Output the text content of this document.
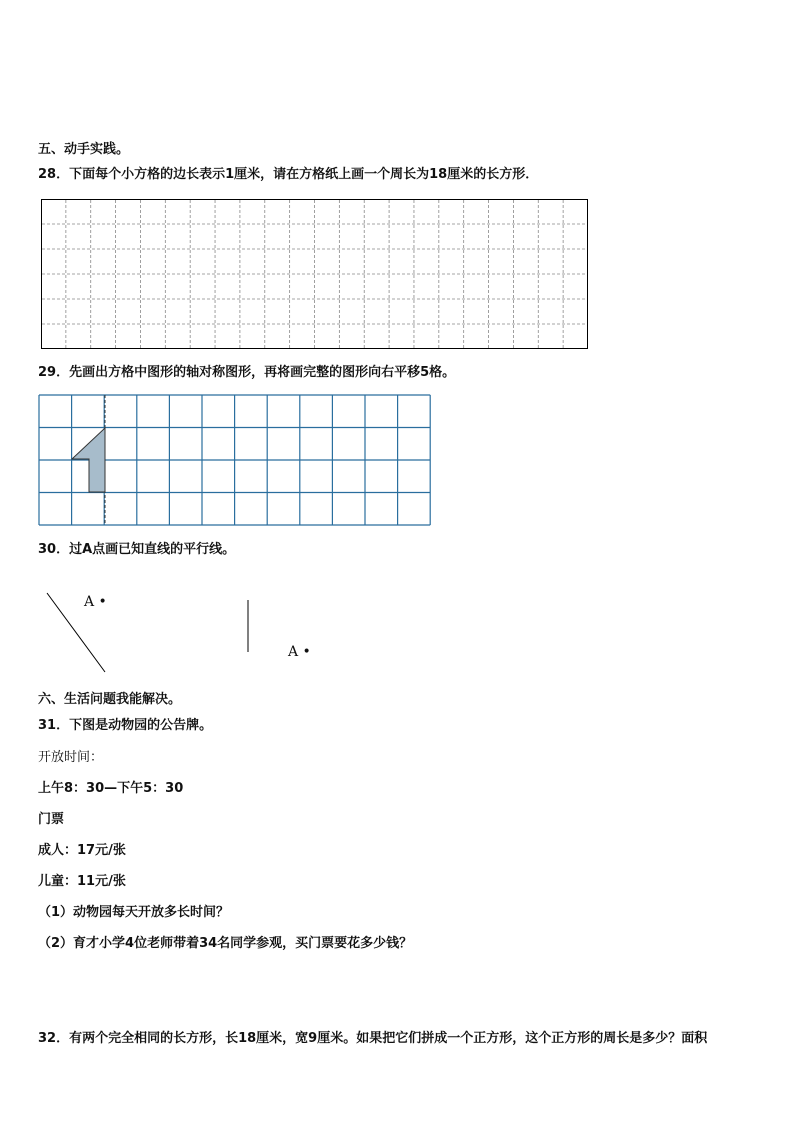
五、动手实践。
28．下面每个小方格的边长表示1厘米，请在方格纸上画一个周长为18厘米的长方形．
29．先画出方格中图形的轴对称图形，再将画完整的图形向右平移5格。
30．过A点画已知直线的平行线。
A •
A •
六、生活问题我能解决。
31．下图是动物园的公告牌。
开放时间：
上午8：30—下午5：30
门票
成人：17元/张
儿童：11元/张
（1）动物园每天开放多长时间？
（2）育才小学4位老师带着34名同学参观，买门票要花多少钱？
32．有两个完全相同的长方形，长18厘米，宽9厘米。如果把它们拼成一个正方形，这个正方形的周长是多少？面积
